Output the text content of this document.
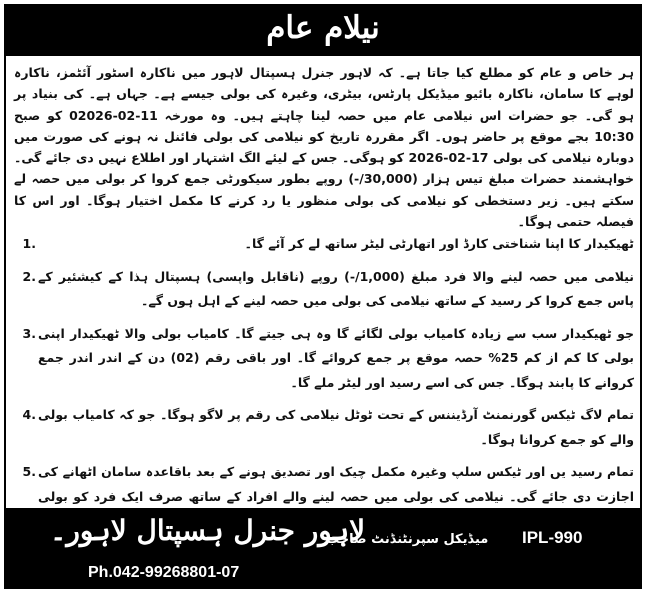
نیلام عام

ہر خاص و عام کو مطلع کیا جاتا ہے۔ کہ لاہور جنرل ہسپتال لاہور میں ناکارہ اسٹور آئٹمز، ناکارہ لوہے کا سامان، ناکارہ بائیو میڈیکل پارٹس، بیٹری، وغیرہ کی بولی جیسے ہے۔ جہاں ہے۔ کی بنیاد پر ہو گی۔ جو حضرات اس نیلامی عام میں حصہ لینا چاہتے ہیں۔ وہ مورخہ 11-02-02026 کو صبح 10:30 بجے موقع پر حاضر ہوں۔ اگر مقررہ تاریخ کو نیلامی کی بولی فائنل نہ ہونے کی صورت میں دوبارہ نیلامی کی بولی 17-02-2026 کو ہوگی۔ جس کے لیئے الگ اشتہار اور اطلاع نہیں دی جائے گی۔ خواہشمند حضرات مبلغ تیس ہزار (30,000/-) روپے بطور سیکورٹی جمع کروا کر بولی میں حصہ لے سکتے ہیں۔ زیر دستخطی کو نیلامی کی بولی منظور یا رد کرنے کا مکمل اختیار ہوگا۔ اور اس کا فیصلہ حتمی ہوگا۔

ٹھیکیدار کا اپنا شناختی کارڈ اور اتھارٹی لیٹر ساتھ لے کر آئے گا۔
1.
نیلامی میں حصہ لینے والا فرد مبلغ (1,000/-) روپے (ناقابل واپسی) ہسپتال ہذا کے کیشئیر کے پاس جمع کروا کر رسید کے ساتھ نیلامی کی بولی میں حصہ لینے کے اہل ہوں گے۔
2.
جو ٹھیکیدار سب سے زیادہ کامیاب بولی لگائے گا وہ ہی جیتے گا۔ کامیاب بولی والا ٹھیکیدار اپنی بولی کا کم از کم 25% حصہ موقع پر جمع کروائے گا۔ اور باقی رقم (02) دن کے اندر اندر جمع کروانے کا پابند ہوگا۔ جس کی اسے رسید اور لیٹر ملے گا۔
3.
تمام لاگ ٹیکس گورنمنٹ آرڈیننس کے تحت ٹوٹل نیلامی کی رقم پر لاگو ہوگا۔ جو کہ کامیاب بولی والے کو جمع کروانا ہوگا۔
4.
تمام رسید یں اور ٹیکس سلپ وغیرہ مکمل چیک اور تصدیق ہونے کے بعد باقاعدہ سامان اٹھانے کی اجازت دی جائے گی۔ نیلامی کی بولی میں حصہ لینے والے افراد کے ساتھ صرف ایک فرد کو بولی
5.
لاہور جنرل ہسپتال لاہور۔
میڈیکل سپرنٹنڈنٹ صاحب IPL-990
Ph.042-99268801-07
